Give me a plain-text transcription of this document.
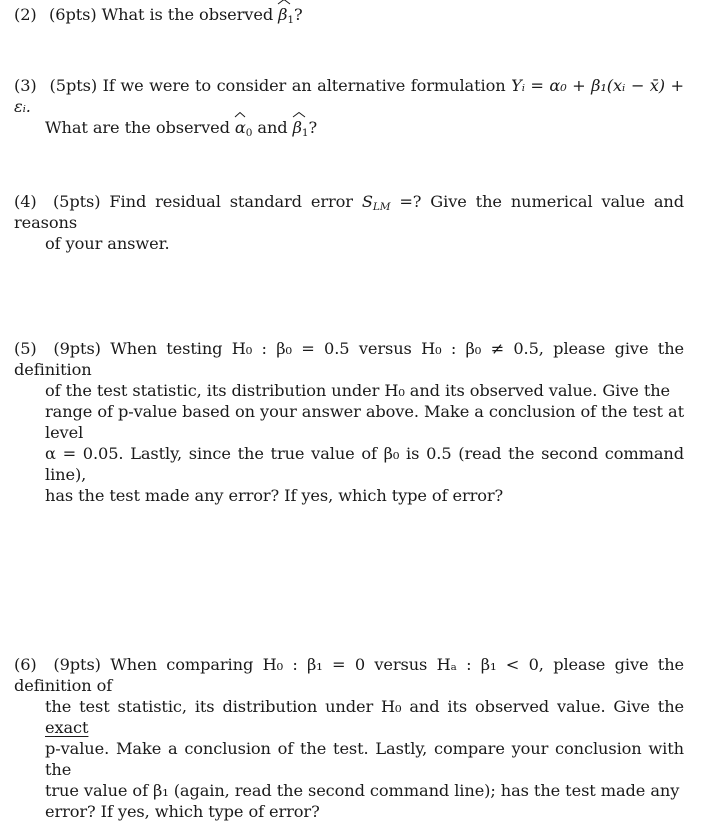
(2) (6pts) What is the observed
$\beta_1$?
(3) (5pts) If we were to consider an alternative formulation Yᵢ = α₀ + β₁(xᵢ − x̄) + εᵢ.
What are the observed
$\alpha_0$ and
$\beta_1$?
(4) (5pts) Find residual standard error $S_{LM}$ =? Give the numerical value and reasons
of your answer.
(5) (9pts) When testing H₀ : β₀ = 0.5 versus H₀ : β₀ ≠ 0.5, please give the definition
of the test statistic, its distribution under H₀ and its observed value. Give the
range of p-value based on your answer above. Make a conclusion of the test at level
α = 0.05. Lastly, since the true value of β₀ is 0.5 (read the second command line),
has the test made any error? If yes, which type of error?
(6) (9pts) When comparing H₀ : β₁ = 0 versus Hₐ : β₁ < 0, please give the definition of
the test statistic, its distribution under H₀ and its observed value. Give the exact
p-value. Make a conclusion of the test. Lastly, compare your conclusion with the
true value of β₁ (again, read the second command line); has the test made any
error? If yes, which type of error?
